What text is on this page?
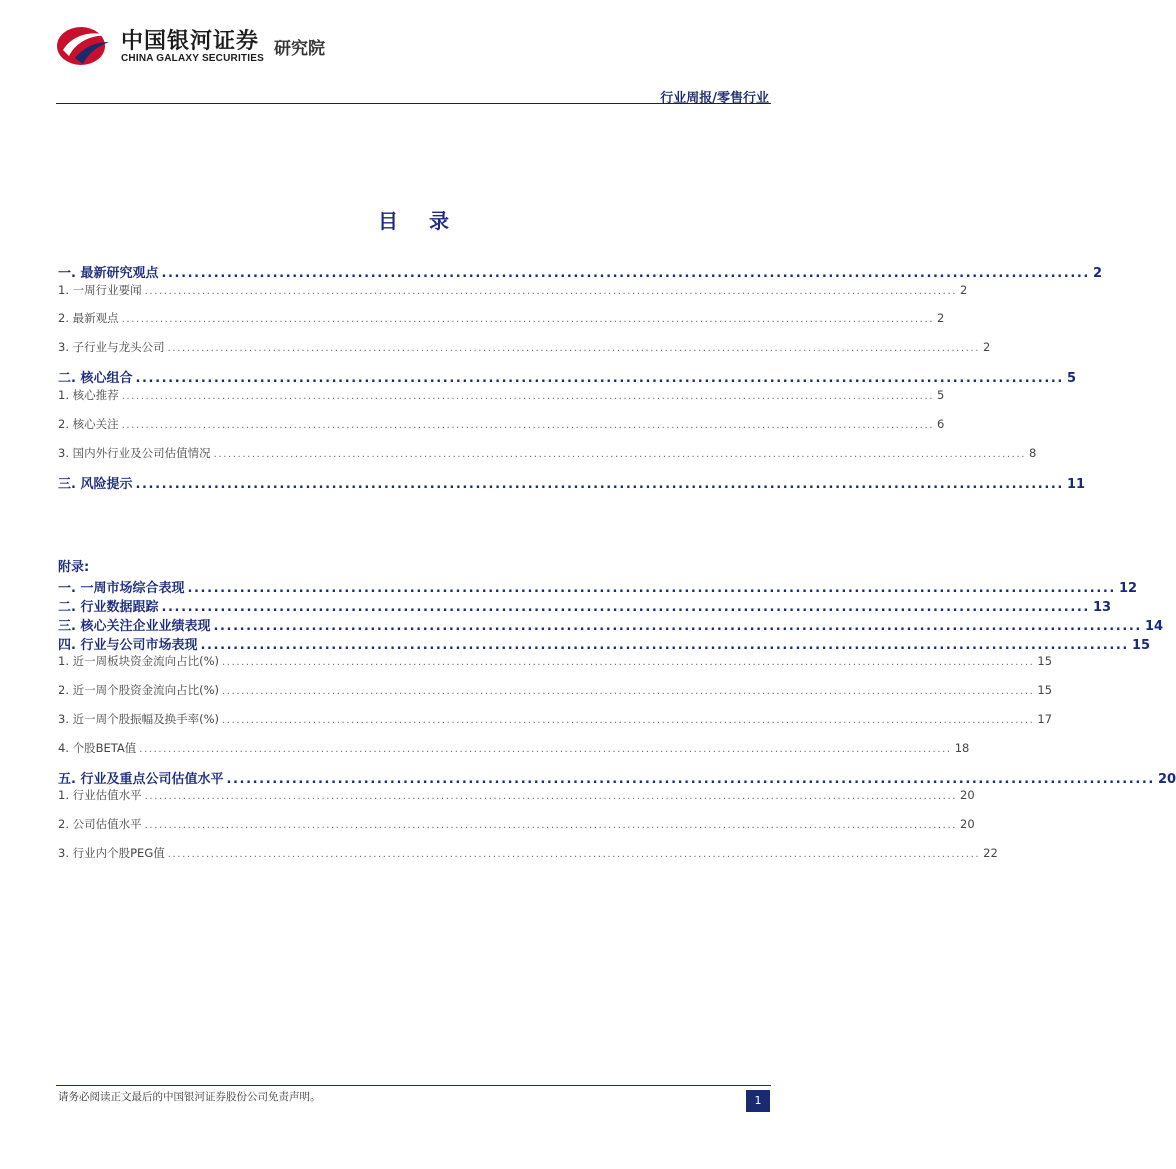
中国银河证券
CHINA GALAXY SECURITIES 研究院
行业周报/零售行业
目 录
一. 最新研究观点 .............................................................................................................................................. 2
1. 一周行业要闻 .......................................................................................................................................................................... 2
2. 最新观点 .......................................................................................................................................................................... 2
3. 子行业与龙头公司 .......................................................................................................................................................................... 2
二. 核心组合 .............................................................................................................................................. 5
1. 核心推荐 .......................................................................................................................................................................... 5
2. 核心关注 .......................................................................................................................................................................... 6
3. 国内外行业及公司估值情况 .......................................................................................................................................................................... 8
三. 风险提示 .............................................................................................................................................. 11
附录:
一. 一周市场综合表现 .............................................................................................................................................. 12
二. 行业数据跟踪 .............................................................................................................................................. 13
三. 核心关注企业业绩表现 .............................................................................................................................................. 14
四. 行业与公司市场表现 .............................................................................................................................................. 15
1. 近一周板块资金流向占比(%) .......................................................................................................................................................................... 15
2. 近一周个股资金流向占比(%) .......................................................................................................................................................................... 15
3. 近一周个股振幅及换手率(%) .......................................................................................................................................................................... 17
4. 个股BETA值 .......................................................................................................................................................................... 18
五. 行业及重点公司估值水平 .............................................................................................................................................. 20
1. 行业估值水平 .......................................................................................................................................................................... 20
2. 公司估值水平 .......................................................................................................................................................................... 20
3. 行业内个股PEG值 .......................................................................................................................................................................... 22
请务必阅读正文最后的中国银河证券股份公司免责声明。	1
